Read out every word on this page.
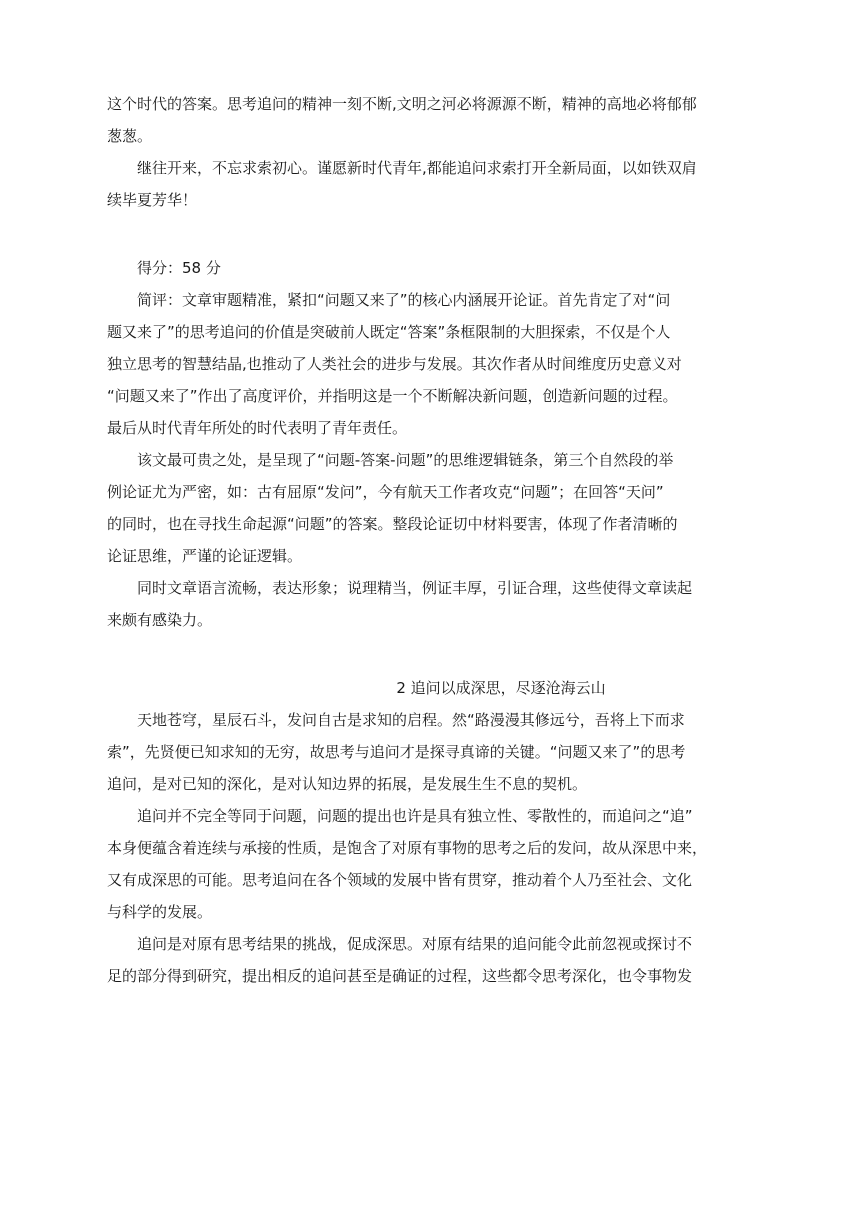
这个时代的答案。思考追问的精神一刻不断,文明之河必将源源不断，精神的高地必将郁郁
葱葱。
继往开来，不忘求索初心。谨愿新时代青年,都能追问求索打开全新局面，以如铁双肩
续毕夏芳华！
得分：58 分
简评：文章审题精准，紧扣“问题又来了”的核心内涵展开论证。首先肯定了对“问
题又来了”的思考追问的价值是突破前人既定“答案”条框限制的大胆探索，不仅是个人
独立思考的智慧结晶,也推动了人类社会的进步与发展。其次作者从时间维度历史意义对
“问题又来了”作出了高度评价，并指明这是一个不断解决新问题，创造新问题的过程。
最后从时代青年所处的时代表明了青年责任。
该文最可贵之处，是呈现了“问题-答案-问题”的思维逻辑链条，第三个自然段的举
例论证尤为严密，如：古有屈原“发问”，今有航天工作者攻克“问题”；在回答“天问”
的同时，也在寻找生命起源“问题”的答案。整段论证切中材料要害，体现了作者清晰的
论证思维，严谨的论证逻辑。
同时文章语言流畅，表达形象；说理精当，例证丰厚，引证合理，这些使得文章读起
来颇有感染力。
2 追问以成深思，尽逐沧海云山
天地苍穹，星辰石斗，发问自古是求知的启程。然“路漫漫其修远兮，吾将上下而求
索”，先贤便已知求知的无穷，故思考与追问才是探寻真谛的关键。“问题又来了”的思考
追问，是对已知的深化，是对认知边界的拓展，是发展生生不息的契机。
追问并不完全等同于问题，问题的提出也许是具有独立性、零散性的，而追问之“追”
本身便蕴含着连续与承接的性质，是饱含了对原有事物的思考之后的发问，故从深思中来，
又有成深思的可能。思考追问在各个领域的发展中皆有贯穿，推动着个人乃至社会、文化
与科学的发展。
追问是对原有思考结果的挑战，促成深思。对原有结果的追问能令此前忽视或探讨不
足的部分得到研究，提出相反的追问甚至是确证的过程，这些都令思考深化，也令事物发
